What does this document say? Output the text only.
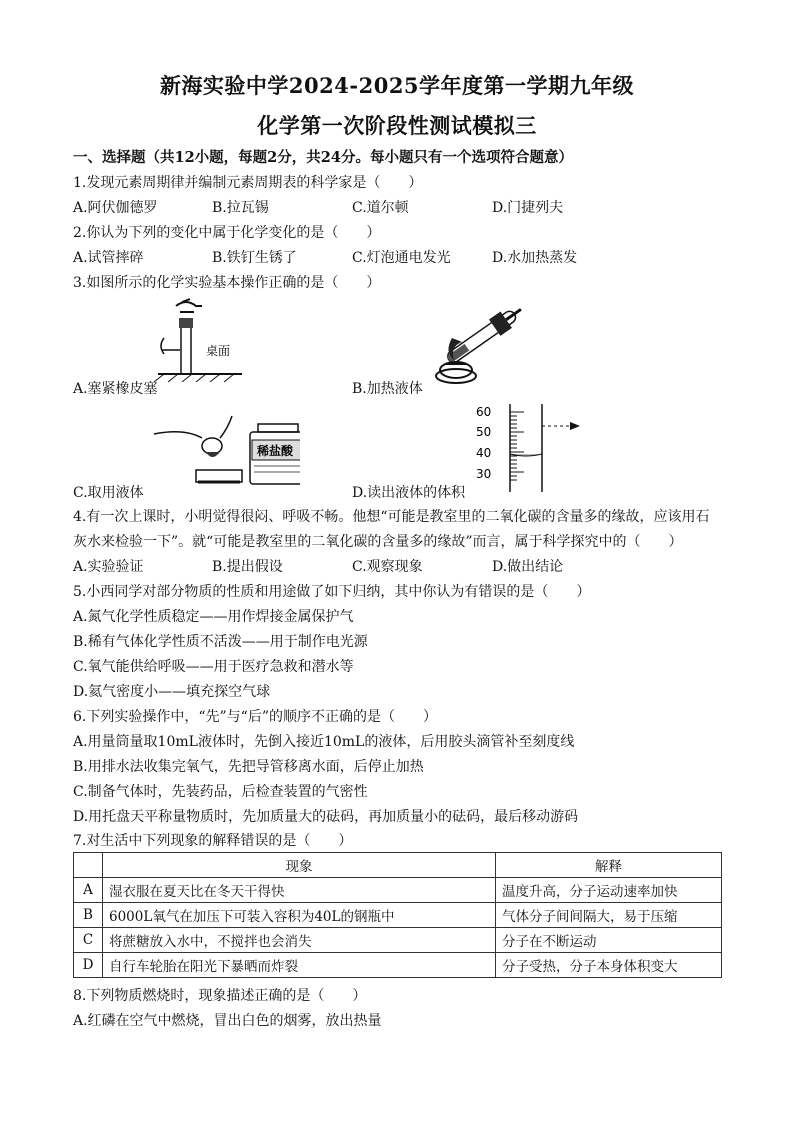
新海实验中学2024-2025学年度第一学期九年级
化学第一次阶段性测试模拟三
一、选择题（共12小题，每题2分，共24分。每小题只有一个选项符合题意）
1.发现元素周期律并编制元素周期表的科学家是（　　）
A.阿伏伽德罗	B.拉瓦锡	C.道尔顿	D.门捷列夫
2.你认为下列的变化中属于化学变化的是（　　）
A.试管摔碎	B.铁钉生锈了	C.灯泡通电发光	D.水加热蒸发
3.如图所示的化学实验基本操作正确的是（　　）
桌面
A.塞紧橡皮塞	B.加热液体
稀盐酸
C.取用液体
60
50
40
30
D.读出液体的体积
4.有一次上课时，小明觉得很闷、呼吸不畅。他想“可能是教室里的二氧化碳的含量多的缘故，应该用石
灰水来检验一下”。就“可能是教室里的二氧化碳的含量多的缘故”而言，属于科学探究中的（　　）
A.实验验证	B.提出假设	C.观察现象	D.做出结论
5.小西同学对部分物质的性质和用途做了如下归纳，其中你认为有错误的是（　　）
A.氮气化学性质稳定——用作焊接金属保护气
B.稀有气体化学性质不活泼——用于制作电光源
C.氧气能供给呼吸——用于医疗急救和潜水等
D.氦气密度小——填充探空气球
6.下列实验操作中，“先”与“后”的顺序不正确的是（　　）
A.用量筒量取10mL液体时，先倒入接近10mL的液体，后用胶头滴管补至刻度线
B.用排水法收集完氧气，先把导管移离水面，后停止加热
C.制备气体时，先装药品，后检查装置的气密性
D.用托盘天平称量物质时，先加质量大的砝码，再加质量小的砝码，最后移动游码
7.对生活中下列现象的解释错误的是（　　）
	现象	解释
A	湿衣服在夏天比在冬天干得快	温度升高，分子运动速率加快
B	6000L氧气在加压下可装入容积为40L的钢瓶中	气体分子间间隔大，易于压缩
C	将蔗糖放入水中，不搅拌也会消失	分子在不断运动
D	自行车轮胎在阳光下暴晒而炸裂	分子受热，分子本身体积变大
8.下列物质燃烧时，现象描述正确的是（　　）
A.红磷在空气中燃烧，冒出白色的烟雾，放出热量
